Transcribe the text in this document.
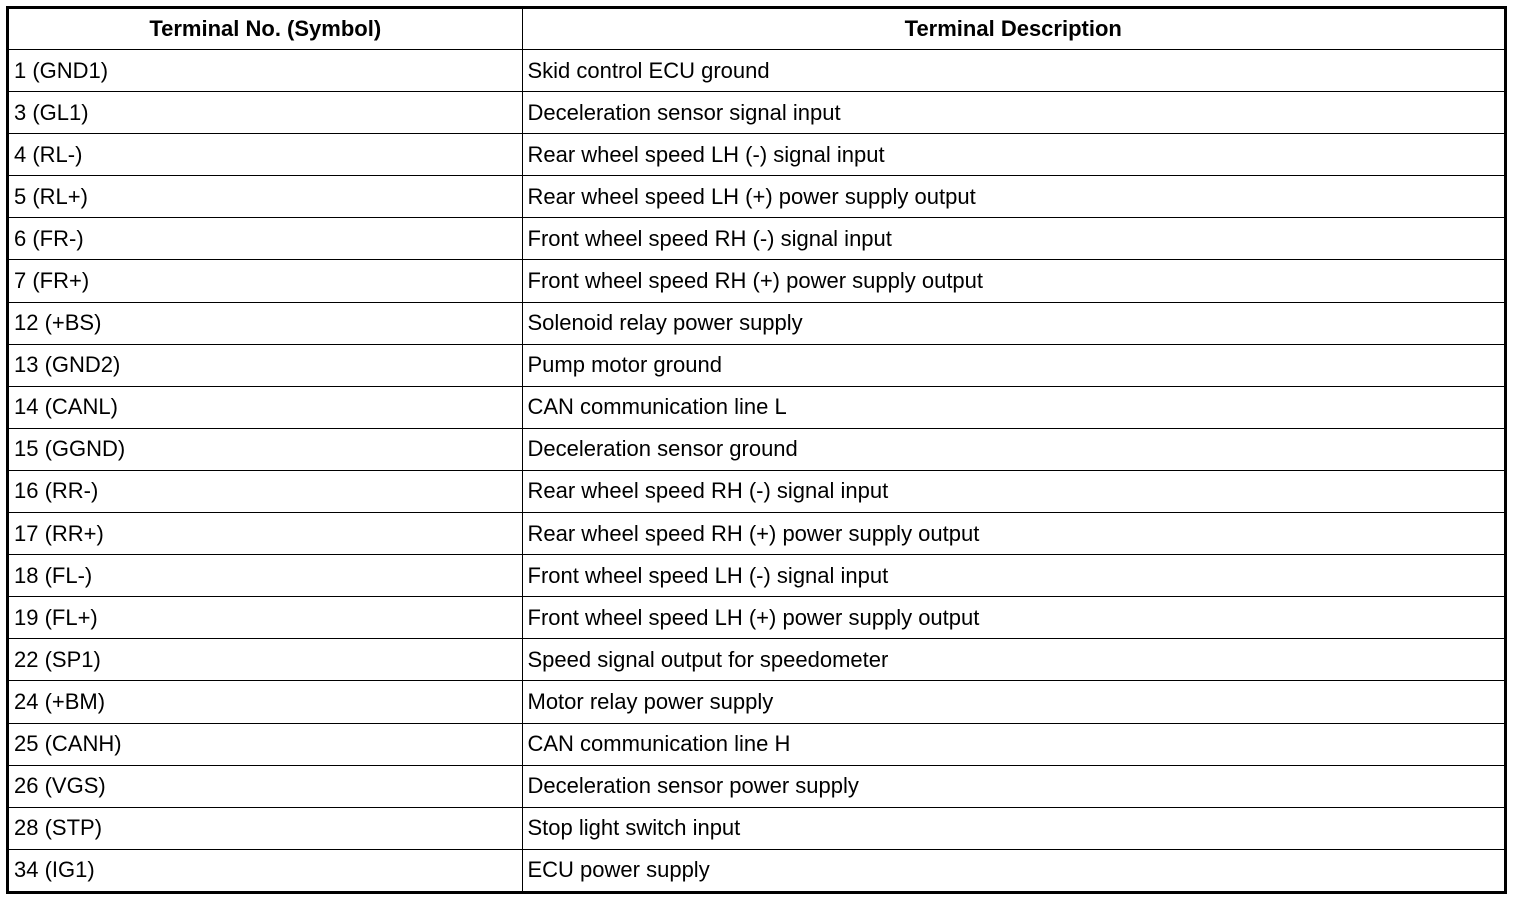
Terminal No. (Symbol)	Terminal Description
1 (GND1)	Skid control ECU ground
3 (GL1)	Deceleration sensor signal input
4 (RL-)	Rear wheel speed LH (-) signal input
5 (RL+)	Rear wheel speed LH (+) power supply output
6 (FR-)	Front wheel speed RH (-) signal input
7 (FR+)	Front wheel speed RH (+) power supply output
12 (+BS)	Solenoid relay power supply
13 (GND2)	Pump motor ground
14 (CANL)	CAN communication line L
15 (GGND)	Deceleration sensor ground
16 (RR-)	Rear wheel speed RH (-) signal input
17 (RR+)	Rear wheel speed RH (+) power supply output
18 (FL-)	Front wheel speed LH (-) signal input
19 (FL+)	Front wheel speed LH (+) power supply output
22 (SP1)	Speed signal output for speedometer
24 (+BM)	Motor relay power supply
25 (CANH)	CAN communication line H
26 (VGS)	Deceleration sensor power supply
28 (STP)	Stop light switch input
34 (IG1)	ECU power supply
